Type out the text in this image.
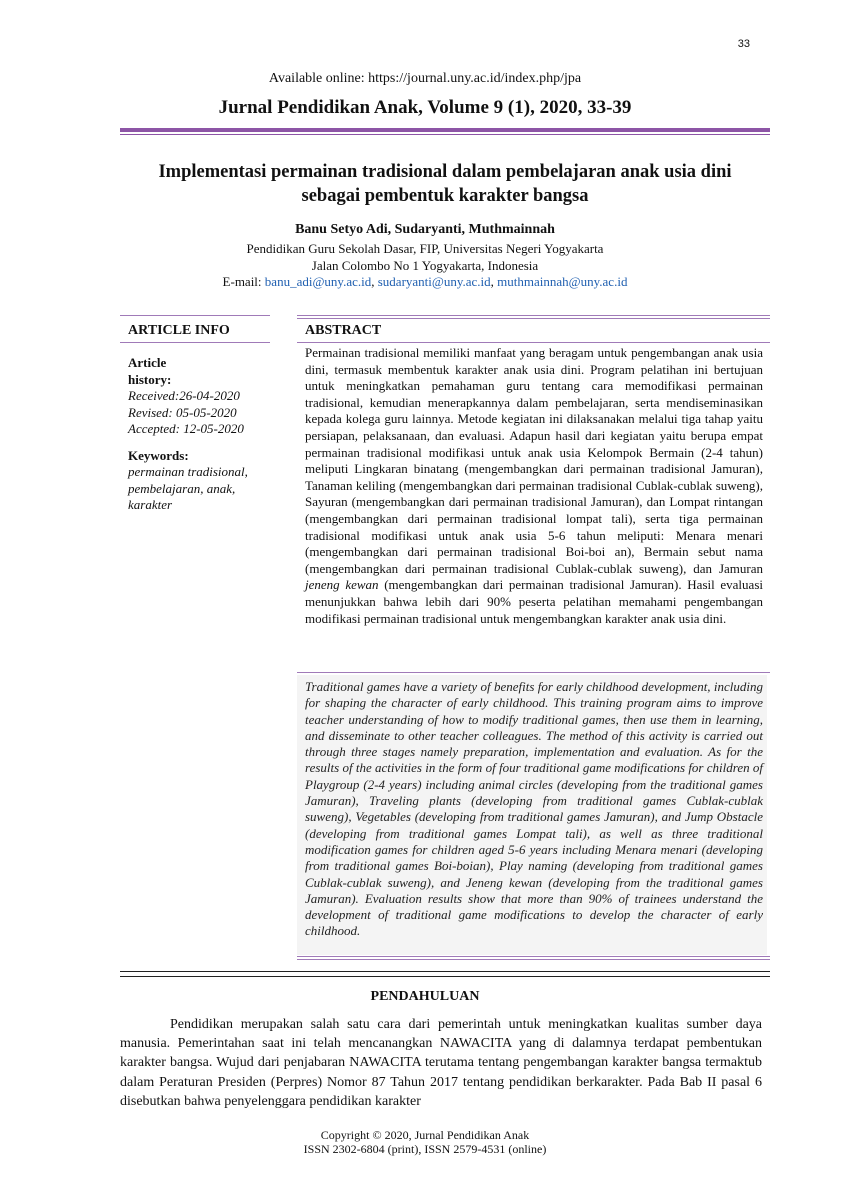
33
Available online: https://journal.uny.ac.id/index.php/jpa
Jurnal Pendidikan Anak, Volume 9 (1), 2020, 33-39
Implementasi permainan tradisional dalam pembelajaran anak usia dini
sebagai pembentuk karakter bangsa
Banu Setyo Adi, Sudaryanti, Muthmainnah
Pendidikan Guru Sekolah Dasar, FIP, Universitas Negeri Yogyakarta
Jalan Colombo No 1 Yogyakarta, Indonesia
E-mail: banu_adi@uny.ac.id, sudaryanti@uny.ac.id, muthmainnah@uny.ac.id
ARTICLE INFO	ABSTRACT
Article
history:
Received:26-04-2020
Revised: 05-05-2020
Accepted: 12-05-2020
Keywords:
permainan tradisional,
pembelajaran, anak,
karakter
Permainan tradisional memiliki manfaat yang beragam untuk pengembangan anak usia dini, termasuk membentuk karakter anak usia dini. Program pelatihan ini bertujuan untuk meningkatkan pemahaman guru tentang cara memodifikasi permainan tradisional, kemudian menerapkannya dalam pembelajaran, serta mendiseminasikan kepada kolega guru lainnya. Metode kegiatan ini dilaksanakan melalui tiga tahap yaitu persiapan, pelaksanaan, dan evaluasi. Adapun hasil dari kegiatan yaitu berupa empat permainan tradisional modifikasi untuk anak usia Kelompok Bermain (2-4 tahun) meliputi Lingkaran binatang (mengembangkan dari permainan tradisional Jamuran), Tanaman keliling (mengembangkan dari permainan tradisional Cublak-cublak suweng), Sayuran (mengembangkan dari permainan tradisional Jamuran), dan Lompat rintangan (mengembangkan dari permainan tradisional lompat tali), serta tiga permainan tradisional modifikasi untuk anak usia 5-6 tahun meliputi: Menara menari (mengembangkan dari permainan tradisional Boi-boi an), Bermain sebut nama (mengembangkan dari permainan tradisional Cublak-cublak suweng), dan Jamuran jeneng kewan (mengembangkan dari permainan tradisional Jamuran). Hasil evaluasi menunjukkan bahwa lebih dari 90% peserta pelatihan memahami pengembangan modifikasi permainan tradisional untuk mengembangkan karakter anak usia dini.
Traditional games have a variety of benefits for early childhood development, including for shaping the character of early childhood. This training program aims to improve teacher understanding of how to modify traditional games, then use them in learning, and disseminate to other teacher colleagues. The method of this activity is carried out through three stages namely preparation, implementation and evaluation. As for the results of the activities in the form of four traditional game modifications for children of Playgroup (2-4 years) including animal circles (developing from the traditional games Jamuran), Traveling plants (developing from traditional games Cublak-cublak suweng), Vegetables (developing from traditional games Jamuran), and Jump Obstacle (developing from traditional games Lompat tali), as well as three traditional modification games for children aged 5-6 years including Menara menari (developing from traditional games Boi-boian), Play naming (developing from traditional games Cublak-cublak suweng), and Jeneng kewan (developing from the traditional games Jamuran). Evaluation results show that more than 90% of trainees understand the development of traditional game modifications to develop the character of early childhood.
PENDAHULUAN
Pendidikan merupakan salah satu cara dari pemerintah untuk meningkatkan kualitas sumber daya manusia. Pemerintahan saat ini telah mencanangkan NAWACITA yang di dalamnya terdapat pembentukan karakter bangsa. Wujud dari penjabaran NAWACITA terutama tentang pengembangan karakter bangsa termaktub dalam Peraturan Presiden (Perpres) Nomor 87 Tahun 2017 tentang pendidikan berkarakter. Pada Bab II pasal 6 disebutkan bahwa penyelenggara pendidikan karakter
Copyright © 2020, Jurnal Pendidikan Anak
ISSN 2302-6804 (print), ISSN 2579-4531 (online)
